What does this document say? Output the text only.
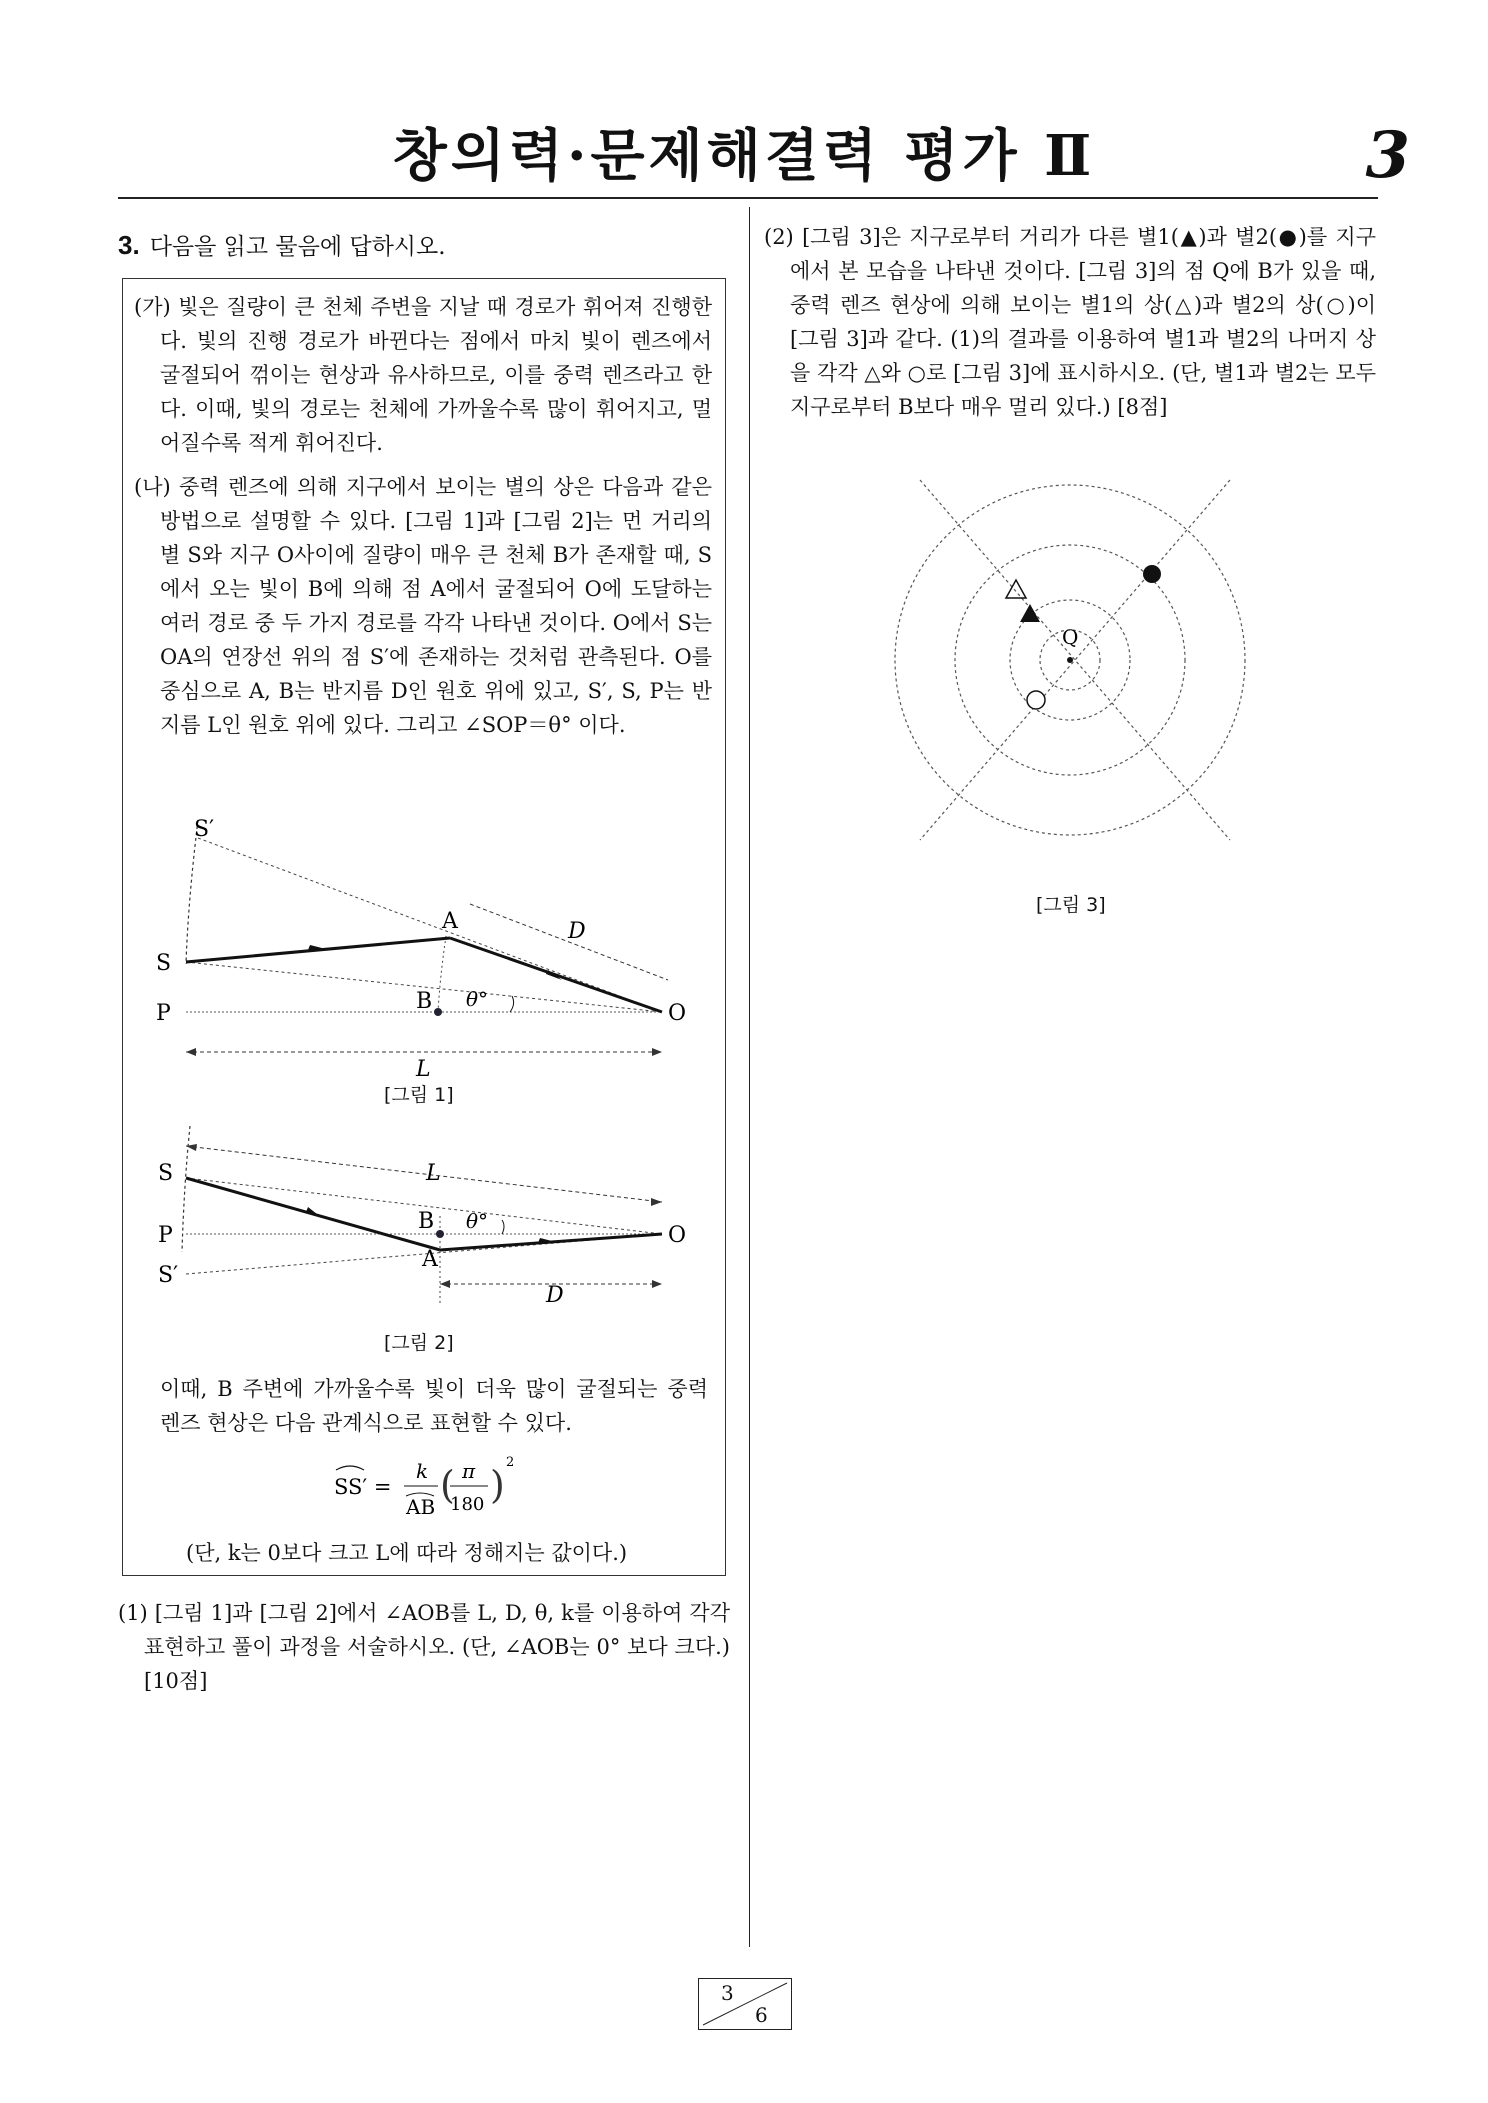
창의력·문제해결력 평가 Ⅱ	3
3. 다음을 읽고 물음에 답하시오.
(가) 빛은 질량이 큰 천체 주변을 지날 때 경로가 휘어져 진행한다. 빛의 진행 경로가 바뀐다는 점에서 마치 빛이 렌즈에서 굴절되어 꺾이는 현상과 유사하므로, 이를 중력 렌즈라고 한다. 이때, 빛의 경로는 천체에 가까울수록 많이 휘어지고, 멀어질수록 적게 휘어진다.
(나) 중력 렌즈에 의해 지구에서 보이는 별의 상은 다음과 같은 방법으로 설명할 수 있다. [그림 1]과 [그림 2]는 먼 거리의 별 S와 지구 O사이에 질량이 매우 큰 천체 B가 존재할 때, S에서 오는 빛이 B에 의해 점 A에서 굴절되어 O에 도달하는 여러 경로 중 두 가지 경로를 각각 나타낸 것이다. O에서 S는 OA의 연장선 위의 점 S′에 존재하는 것처럼 관측된다. O를 중심으로 A, B는 반지름 D인 원호 위에 있고, S′, S, P는 반지름 L인 원호 위에 있다. 그리고 ∠SOP＝θ° 이다.
S′
S
P
A
B	O
D
L
θ°
[그림 1]
S
P
S′
A
B
O
D
L
θ°
[그림 2]
이때, B 주변에 가까울수록 빛이 더욱 많이 굴절되는 중력 렌즈 현상은 다음 관계식으로 표현할 수 있다.
SS′ =
k
AB ( π
180 )
2
(단, k는 0보다 크고 L에 따라 정해지는 값이다.)
(1) [그림 1]과 [그림 2]에서 ∠AOB를 L, D, θ, k를 이용하여 각각 표현하고 풀이 과정을 서술하시오. (단, ∠AOB는 0° 보다 크다.) [10점]
(2) [그림 3]은 지구로부터 거리가 다른 별1(▲)과 별2(●)를 지구에서 본 모습을 나타낸 것이다. [그림 3]의 점 Q에 B가 있을 때, 중력 렌즈 현상에 의해 보이는 별1의 상(△)과 별2의 상(○)이 [그림 3]과 같다. (1)의 결과를 이용하여 별1과 별2의 나머지 상을 각각 △와 ○로 [그림 3]에 표시하시오. (단, 별1과 별2는 모두 지구로부터 B보다 매우 멀리 있다.) [8점]
Q
[그림 3]
3
6
